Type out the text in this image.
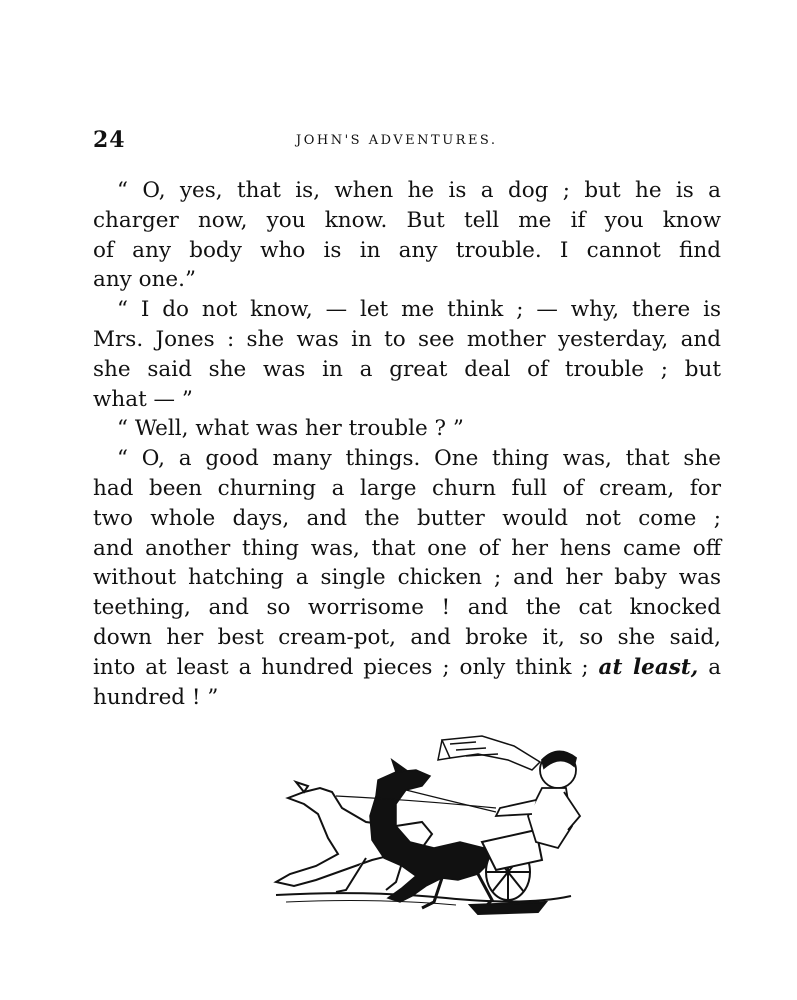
24	JOHN'S ADVENTURES.
“ O, yes, that is, when he is a dog ; but he is a
charger now, you know. But tell me if you know
of any body who is in any trouble. I cannot find
any one.”
“ I do not know, — let me think ; — why, there is
Mrs. Jones : she was in to see mother yesterday, and
she said she was in a great deal of trouble ; but
what — ”
“ Well, what was her trouble ? ”
“ O, a good many things. One thing was, that she
had been churning a large churn full of cream, for
two whole days, and the butter would not come ;
and another thing was, that one of her hens came off
without hatching a single chicken ; and her baby was
teething, and so worrisome ! and the cat knocked
down her best cream-pot, and broke it, so she said,
into at least a hundred pieces ; only think ; at least, a
hundred ! ”
